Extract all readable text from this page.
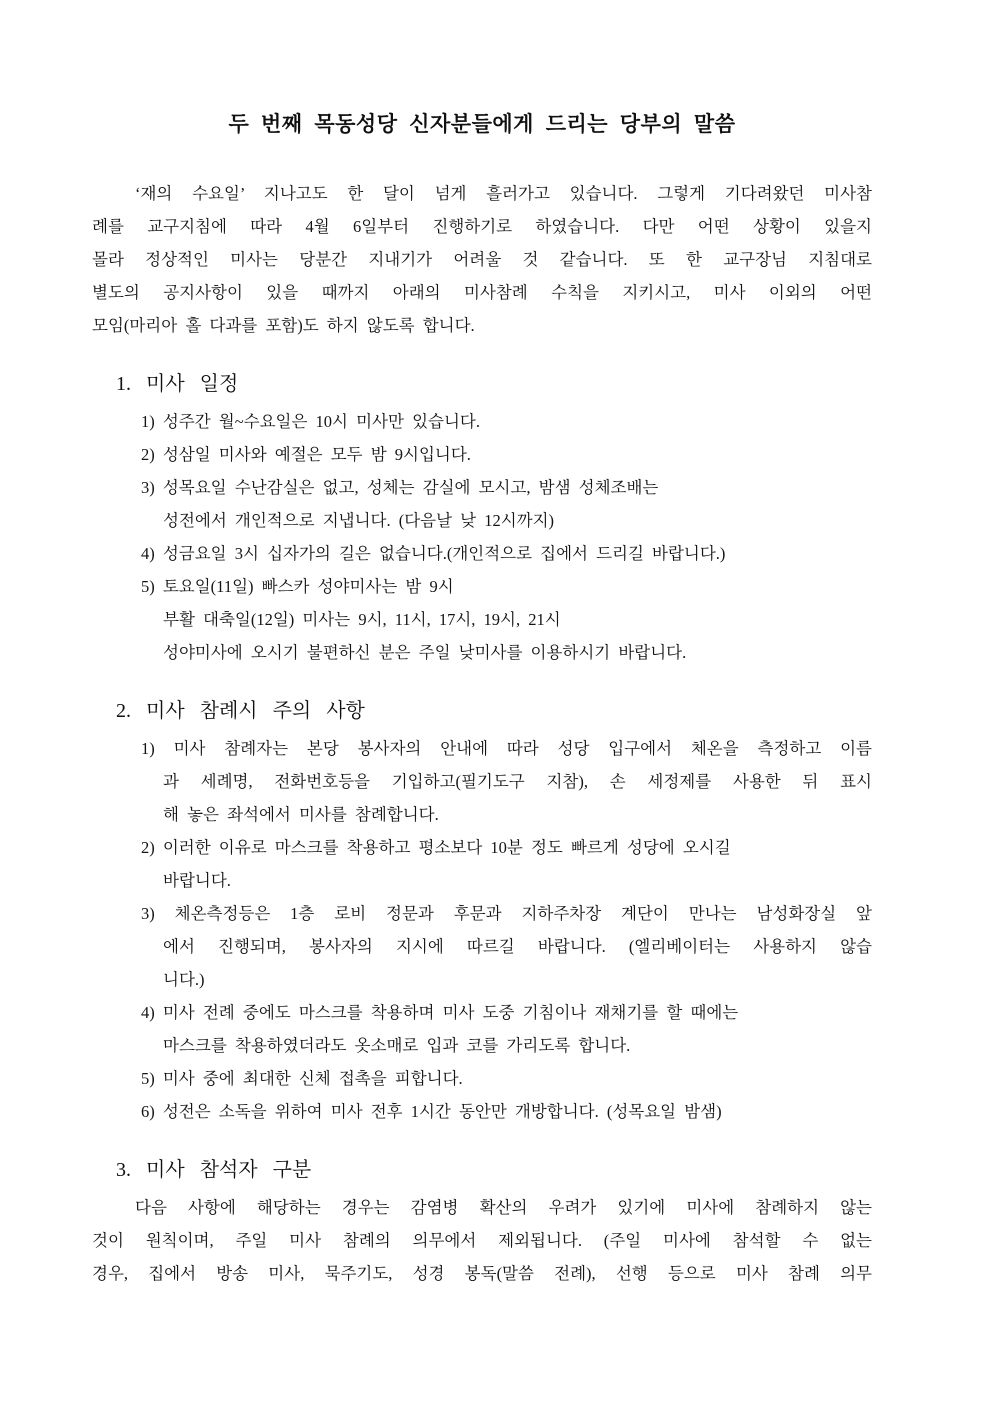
두 번째 목동성당 신자분들에게 드리는 당부의 말씀
‘재의 수요일’ 지나고도 한 달이 넘게 흘러가고 있습니다. 그렇게 기다려왔던 미사참
례를 교구지침에 따라 4월 6일부터 진행하기로 하였습니다. 다만 어떤 상황이 있을지
몰라 정상적인 미사는 당분간 지내기가 어려울 것 같습니다. 또 한 교구장님 지침대로
별도의 공지사항이 있을 때까지 아래의 미사참례 수칙을 지키시고, 미사 이외의 어떤
모임(마리아 홀 다과를 포함)도 하지 않도록 합니다.
1. 미사 일정
1) 성주간 월~수요일은 10시 미사만 있습니다.
2) 성삼일 미사와 예절은 모두 밤 9시입니다.
3) 성목요일 수난감실은 없고, 성체는 감실에 모시고, 밤샘 성체조배는
성전에서 개인적으로 지냅니다. (다음날 낮 12시까지)
4) 성금요일 3시 십자가의 길은 없습니다.(개인적으로 집에서 드리길 바랍니다.)
5) 토요일(11일) 빠스카 성야미사는 밤 9시
부활 대축일(12일) 미사는 9시, 11시, 17시, 19시, 21시
성야미사에 오시기 불편하신 분은 주일 낮미사를 이용하시기 바랍니다.
2. 미사 참례시 주의 사항
1) 미사 참례자는 본당 봉사자의 안내에 따라 성당 입구에서 체온을 측정하고 이름
과 세례명, 전화번호등을 기입하고(필기도구 지참), 손 세정제를 사용한 뒤 표시
해 놓은 좌석에서 미사를 참례합니다.
2) 이러한 이유로 마스크를 착용하고 평소보다 10분 정도 빠르게 성당에 오시길
바랍니다.
3) 체온측정등은 1층 로비 정문과 후문과 지하주차장 계단이 만나는 남성화장실 앞
에서 진행되며, 봉사자의 지시에 따르길 바랍니다. (엘리베이터는 사용하지 않습
니다.)
4) 미사 전례 중에도 마스크를 착용하며 미사 도중 기침이나 재채기를 할 때에는
마스크를 착용하였더라도 옷소매로 입과 코를 가리도록 합니다.
5) 미사 중에 최대한 신체 접촉을 피합니다.
6) 성전은 소독을 위하여 미사 전후 1시간 동안만 개방합니다. (성목요일 밤샘)
3. 미사 참석자 구분
다음 사항에 해당하는 경우는 감염병 확산의 우려가 있기에 미사에 참례하지 않는
것이 원칙이며, 주일 미사 참례의 의무에서 제외됩니다. (주일 미사에 참석할 수 없는
경우, 집에서 방송 미사, 묵주기도, 성경 봉독(말씀 전례), 선행 등으로 미사 참례 의무
